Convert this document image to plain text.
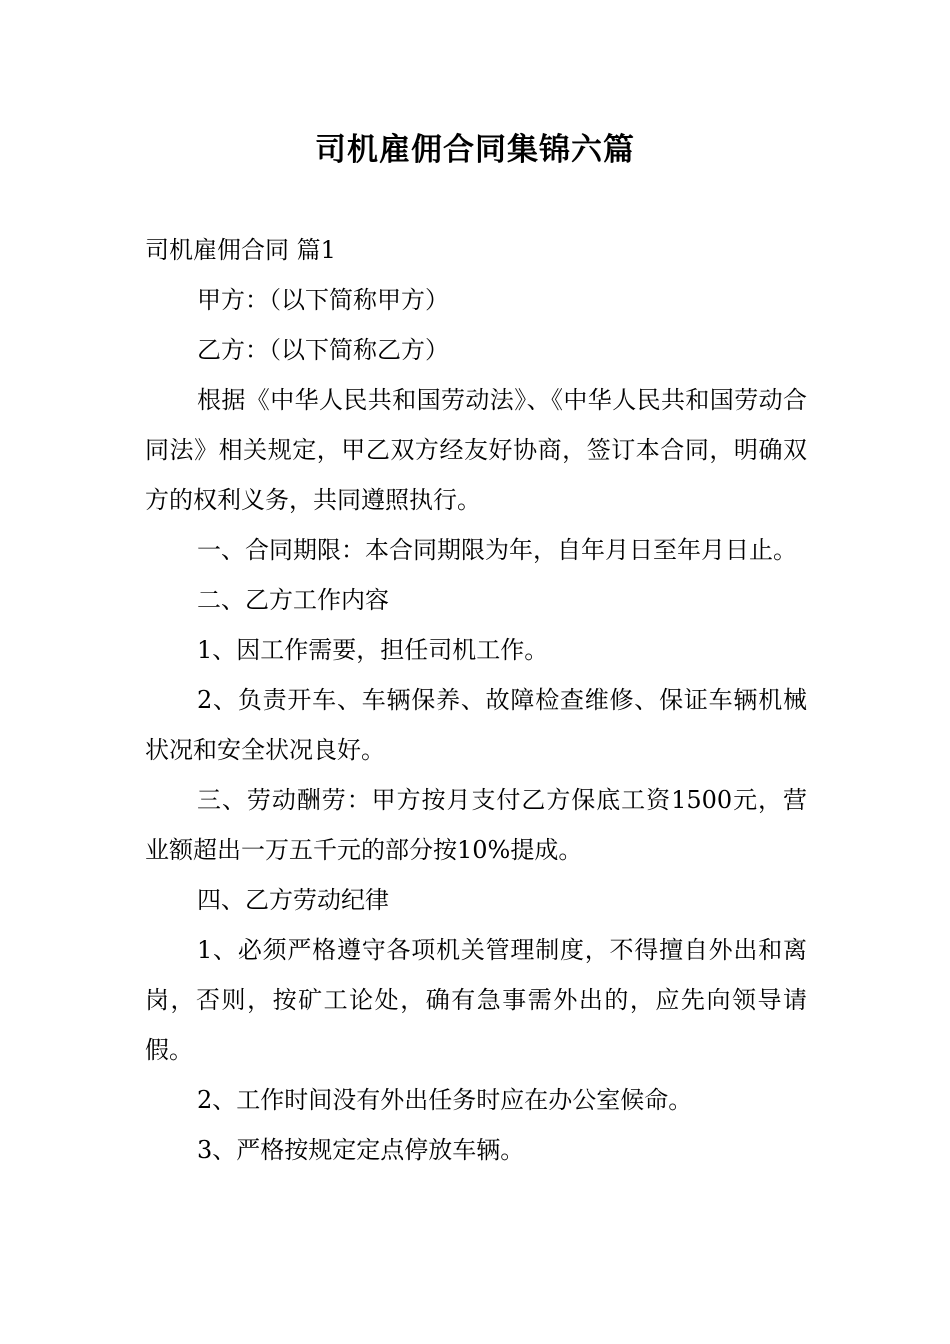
司机雇佣合同集锦六篇

司机雇佣合同 篇1

甲方：（以下简称甲方）

乙方：（以下简称乙方）

根据《中华人民共和国劳动法》、《中华人民共和国劳动合同法》相关规定，甲乙双方经友好协商，签订本合同，明确双方的权利义务，共同遵照执行。

一、合同期限：本合同期限为年，自年月日至年月日止。

二、乙方工作内容

1、因工作需要，担任司机工作。

2、负责开车、车辆保养、故障检查维修、保证车辆机械状况和安全状况良好。

三、劳动酬劳：甲方按月支付乙方保底工资1500元，营业额超出一万五千元的部分按10%提成。

四、乙方劳动纪律

1、必须严格遵守各项机关管理制度，不得擅自外出和离岗，否则，按矿工论处，确有急事需外出的，应先向领导请假。

2、工作时间没有外出任务时应在办公室候命。

3、严格按规定定点停放车辆。
